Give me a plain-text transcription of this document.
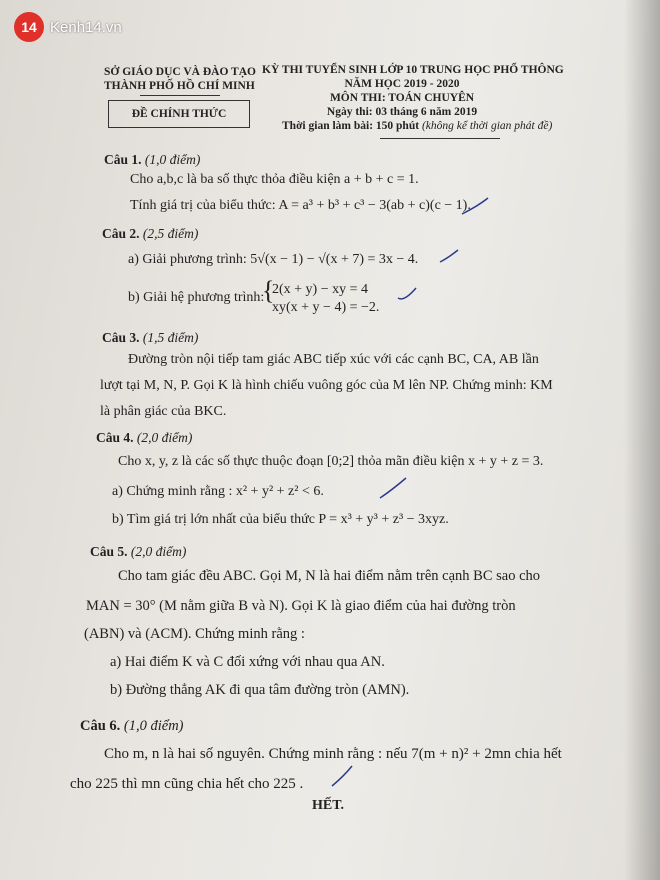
14 Kenh14.vn
SỞ GIÁO DỤC VÀ ĐÀO TẠO
THÀNH PHỐ HỒ CHÍ MINH
ĐỀ CHÍNH THỨC
KỲ THI TUYỂN SINH LỚP 10 TRUNG HỌC PHỔ THÔNG
NĂM HỌC 2019 - 2020
MÔN THI: TOÁN CHUYÊN
Ngày thi: 03 tháng 6 năm 2019
Thời gian làm bài: 150 phút (không kể thời gian phát đề)
Câu 1. (1,0 điểm)
Cho a,b,c là ba số thực thỏa điều kiện a + b + c = 1.
Tính giá trị của biểu thức: A = a³ + b³ + c³ − 3(ab + c)(c − 1).
Câu 2. (2,5 điểm)
a) Giải phương trình: 5√(x − 1) − √(x + 7) = 3x − 4.
b) Giải hệ phương trình:
{
2(x + y) − xy = 4
xy(x + y − 4) = −2.
Câu 3. (1,5 điểm)
Đường tròn nội tiếp tam giác ABC tiếp xúc với các cạnh BC, CA, AB lần
lượt tại M, N, P. Gọi K là hình chiếu vuông góc của M lên NP. Chứng minh: KM
là phân giác của BKC.
Câu 4. (2,0 điểm)
Cho x, y, z là các số thực thuộc đoạn [0;2] thỏa mãn điều kiện x + y + z = 3.
a) Chứng minh rằng : x² + y² + z² < 6.
b) Tìm giá trị lớn nhất của biểu thức P = x³ + y³ + z³ − 3xyz.
Câu 5. (2,0 điểm)
Cho tam giác đều ABC. Gọi M, N là hai điểm nằm trên cạnh BC sao cho
MAN = 30° (M nằm giữa B và N). Gọi K là giao điểm của hai đường tròn
(ABN) và (ACM). Chứng minh rằng :
a) Hai điểm K và C đối xứng với nhau qua AN.
b) Đường thẳng AK đi qua tâm đường tròn (AMN).
Câu 6. (1,0 điểm)
Cho m, n là hai số nguyên. Chứng minh rằng : nếu 7(m + n)² + 2mn chia hết
cho 225 thì mn cũng chia hết cho 225 .
HẾT.
